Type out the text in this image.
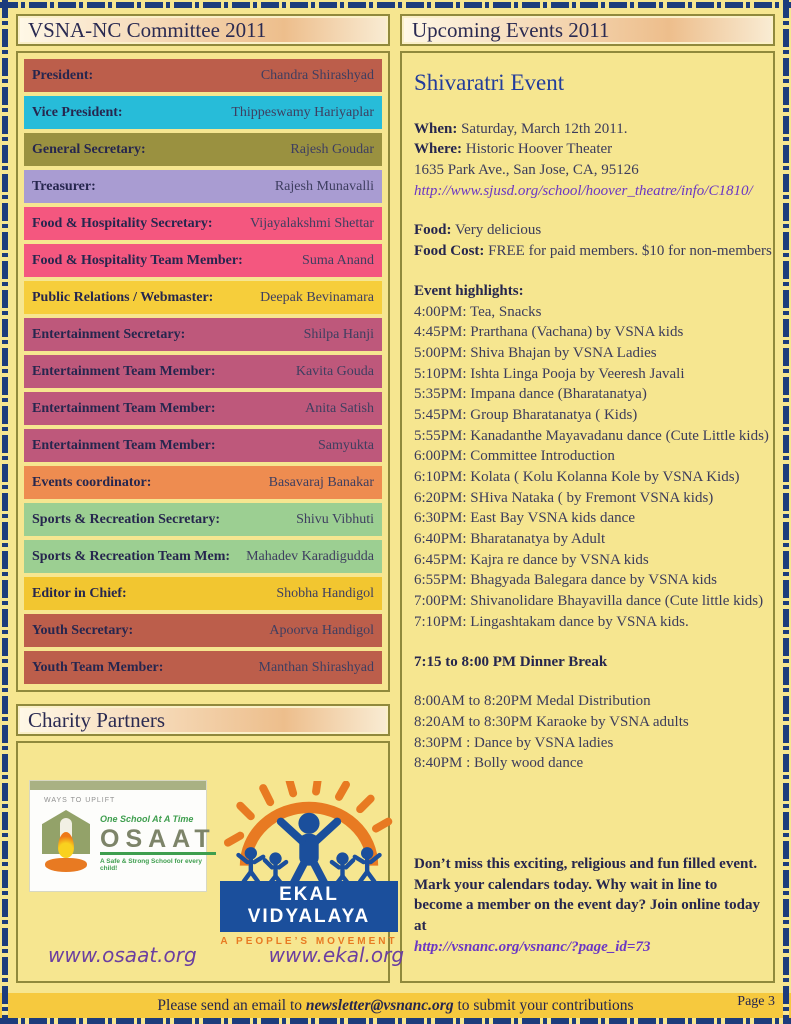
VSNA-NC Committee 2011
President:	Chandra Shirashyad
Vice President:	Thippeswamy Hariyaplar
General Secretary:	Rajesh Goudar
Treasurer:	Rajesh Munavalli
Food & Hospitality Secretary:	Vijayalakshmi Shettar
Food & Hospitality Team Member:	Suma Anand
Public Relations / Webmaster:	Deepak Bevinamara
Entertainment Secretary:	Shilpa Hanji
Entertainment Team Member:	Kavita Gouda
Entertainment Team Member:	Anita Satish
Entertainment Team Member:	Samyukta
Events coordinator:	Basavaraj Banakar
Sports & Recreation Secretary:	Shivu Vibhuti
Sports & Recreation Team Mem: Mahadev Karadigudda
Editor in Chief:	Shobha Handigol
Youth Secretary:	Apoorva Handigol
Youth Team Member:	Manthan Shirashyad
Charity Partners
WAYS TO UPLIFT
One School At A Time
OSAAT
A Safe & Strong School for every child!
EKAL VIDYALAYA
A PEOPLE’S MOVEMENT
www.osaat.org	www.ekal.org
Upcoming Events 2011
Shivaratri Event
When: Saturday, March 12th 2011.
Where: Historic Hoover Theater
1635 Park Ave., San Jose, CA, 95126
http://www.sjusd.org/school/hoover_theatre/info/C1810/
Food: Very delicious
Food Cost: FREE for paid members. $10 for non-members
Event highlights:
4:00PM: Tea, Snacks
4:45PM: Prarthana (Vachana) by VSNA kids
5:00PM: Shiva Bhajan by VSNA Ladies
5:10PM: Ishta Linga Pooja by Veeresh Javali
5:35PM: Impana dance (Bharatanatya)
5:45PM: Group Bharatanatya ( Kids)
5:55PM: Kanadanthe Mayavadanu dance (Cute Little kids)
6:00PM: Committee Introduction
6:10PM: Kolata ( Kolu Kolanna Kole by VSNA Kids)
6:20PM: SHiva Nataka ( by Fremont VSNA kids)
6:30PM: East Bay VSNA kids dance
6:40PM: Bharatanatya by Adult
6:45PM: Kajra re dance by VSNA kids
6:55PM: Bhagyada Balegara dance by VSNA kids
7:00PM: Shivanolidare Bhayavilla dance (Cute little kids)
7:10PM: Lingashtakam dance by VSNA kids.
7:15 to 8:00 PM Dinner Break
8:00AM to 8:20PM Medal Distribution
8:20AM to 8:30PM Karaoke by VSNA adults
8:30PM : Dance by VSNA ladies
8:40PM : Bolly wood dance
Don’t miss this exciting, religious and fun filled event. Mark your calendars today. Why wait in line to become a member on the event day? Join online today at
http://vsnanc.org/vsnanc/?page_id=73
Please send an email to
newsletter@vsnanc.org
to submit your contributions	Page 3
